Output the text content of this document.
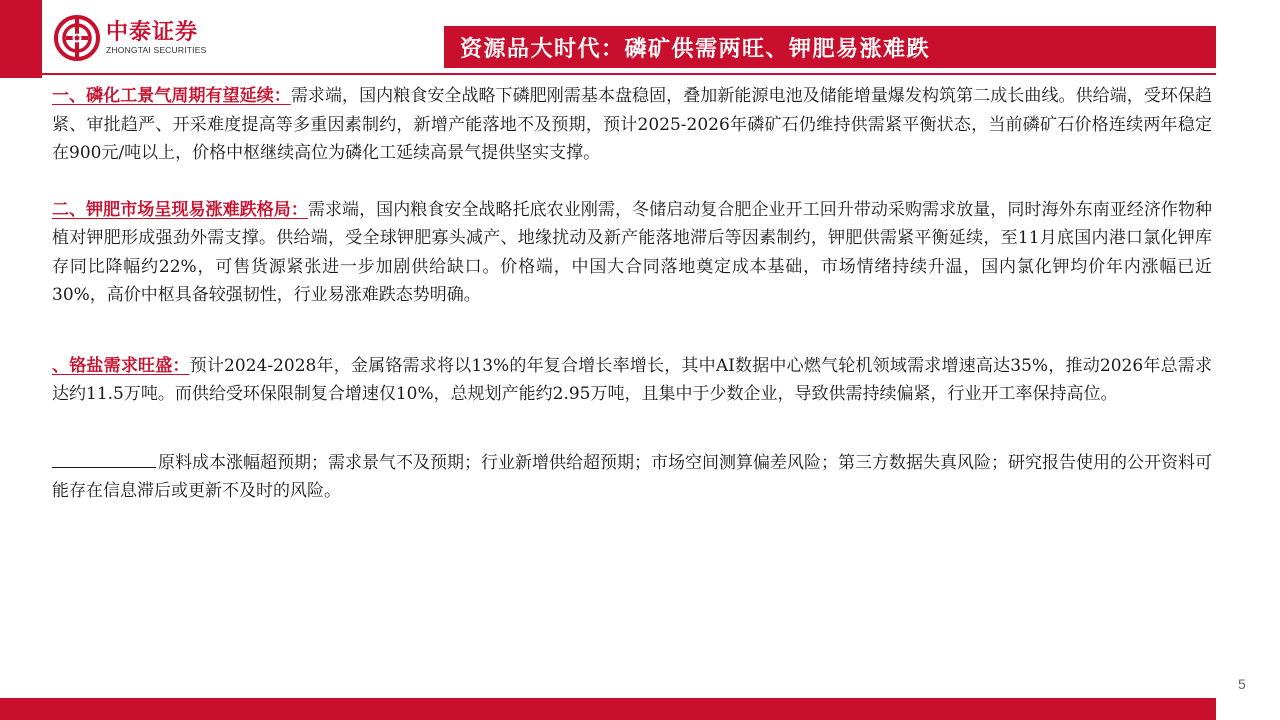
中泰证券
ZHONGTAI SECURITIES	资源品大时代：磷矿供需两旺、钾肥易涨难跌

一、磷化工景气周期有望延续：需求端，国内粮食安全战略下磷肥刚需基本盘稳固，叠加新能源电池及储能增量爆发构筑第二成长曲线。供给端，受环保趋紧、审批趋严、开采难度提高等多重因素制约，新增产能落地不及预期，预计2025-2026年磷矿石仍维持供需紧平衡状态，当前磷矿石价格连续两年稳定在900元/吨以上，价格中枢继续高位为磷化工延续高景气提供坚实支撑。

二、钾肥市场呈现易涨难跌格局：需求端，国内粮食安全战略托底农业刚需，冬储启动复合肥企业开工回升带动采购需求放量，同时海外东南亚经济作物种植对钾肥形成强劲外需支撑。供给端，受全球钾肥寡头减产、地缘扰动及新产能落地滞后等因素制约，钾肥供需紧平衡延续，至11月底国内港口氯化钾库存同比降幅约22%，可售货源紧张进一步加剧供给缺口。价格端，中国大合同落地奠定成本基础，市场情绪持续升温，国内氯化钾均价年内涨幅已近 30%，高价中枢具备较强韧性，行业易涨难跌态势明确。

、铬盐需求旺盛：预计2024-2028年，金属铬需求将以13%的年复合增长率增长，其中AI数据中心燃气轮机领域需求增速高达35%，推动2026年总需求达约11.5万吨。而供给受环保限制复合增速仅10%，总规划产能约2.95万吨，且集中于少数企业，导致供需持续偏紧，行业开工率保持高位。

原料成本涨幅超预期；需求景气不及预期；行业新增供给超预期；市场空间测算偏差风险；第三方数据失真风险；研究报告使用的公开资料可能存在信息滞后或更新不及时的风险。

5
